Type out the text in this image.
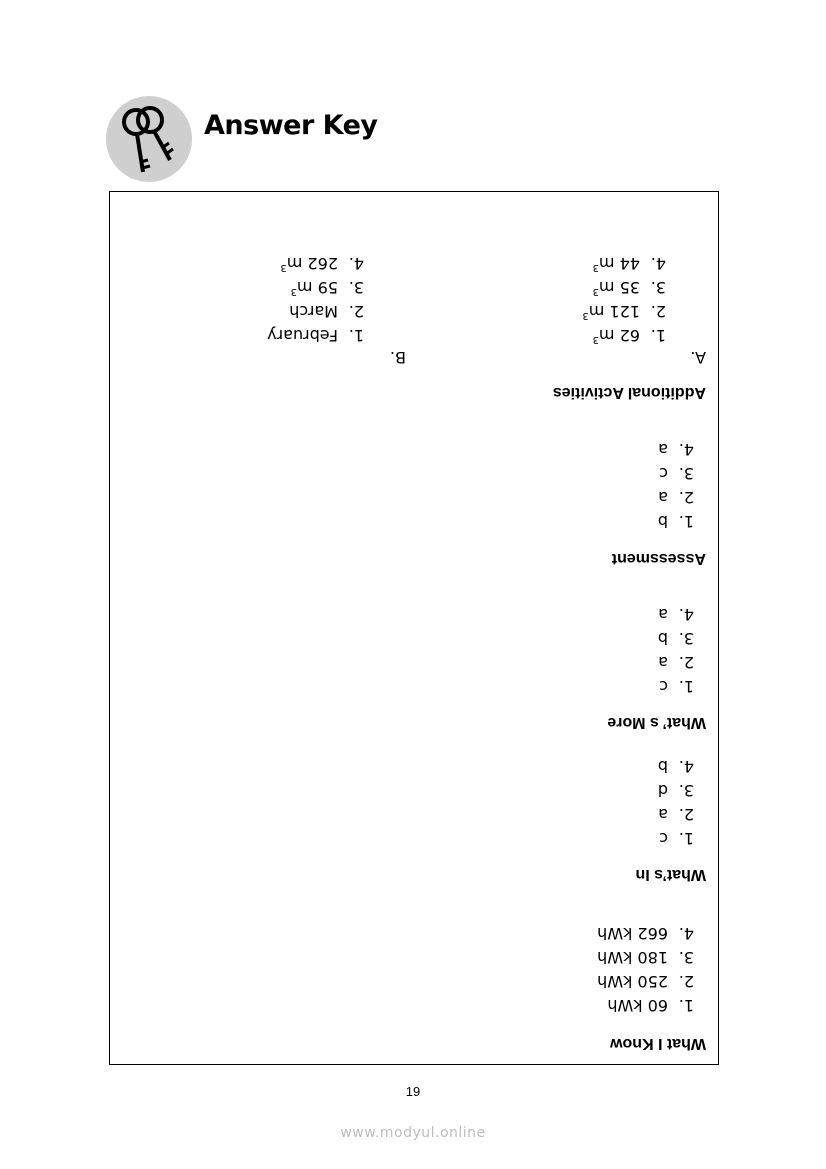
Answer Key
What I Know
1.60 kWh
2.250 kWh
3.180 kWh
4.662 kWh
What’s In
1.c
2.a
3.d
4.b
What’ s More
1.c
2.a
3.b
4.a
Assessment
1.b
2.a
3.c
4.a
Additional Activities
A.
B.
1.62 $m^3$
2.121 $m^3$
3.35 $m^3$
4.44 $m^3$
1.February
2.March
3.59 $m^3$
4.262 $m^3$
19
www.modyul.online
